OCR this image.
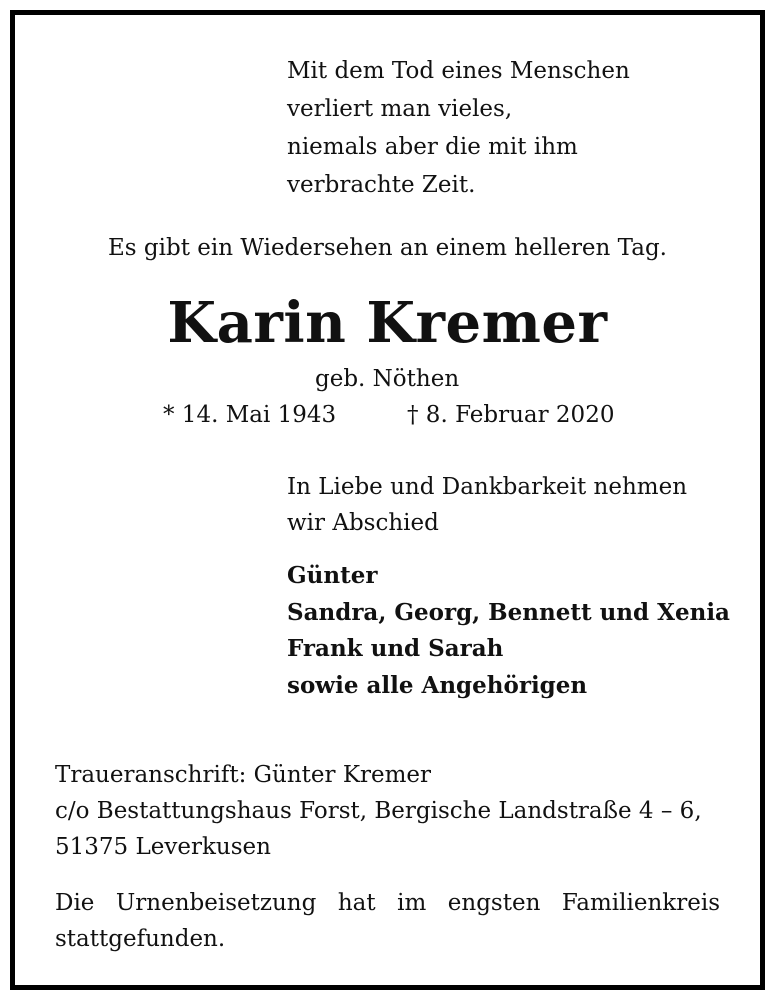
Mit dem Tod eines Menschen
verliert man vieles,
niemals aber die mit ihm
verbrachte Zeit.

Es gibt ein Wiedersehen an einem helleren Tag.
Karin Kremer
geb. Nöthen
* 14. Mai 1943	† 8. Februar 2020

In Liebe und Dankbarkeit nehmen
wir Abschied

Günter
Sandra, Georg, Bennett und Xenia
Frank und Sarah
sowie alle Angehörigen

Traueranschrift: Günter Kremer
c/o Bestattungshaus Forst, Bergische Landstraße 4 – 6,
51375 Leverkusen

Die Urnenbeisetzung hat im engsten Familienkreis stattgefunden.
